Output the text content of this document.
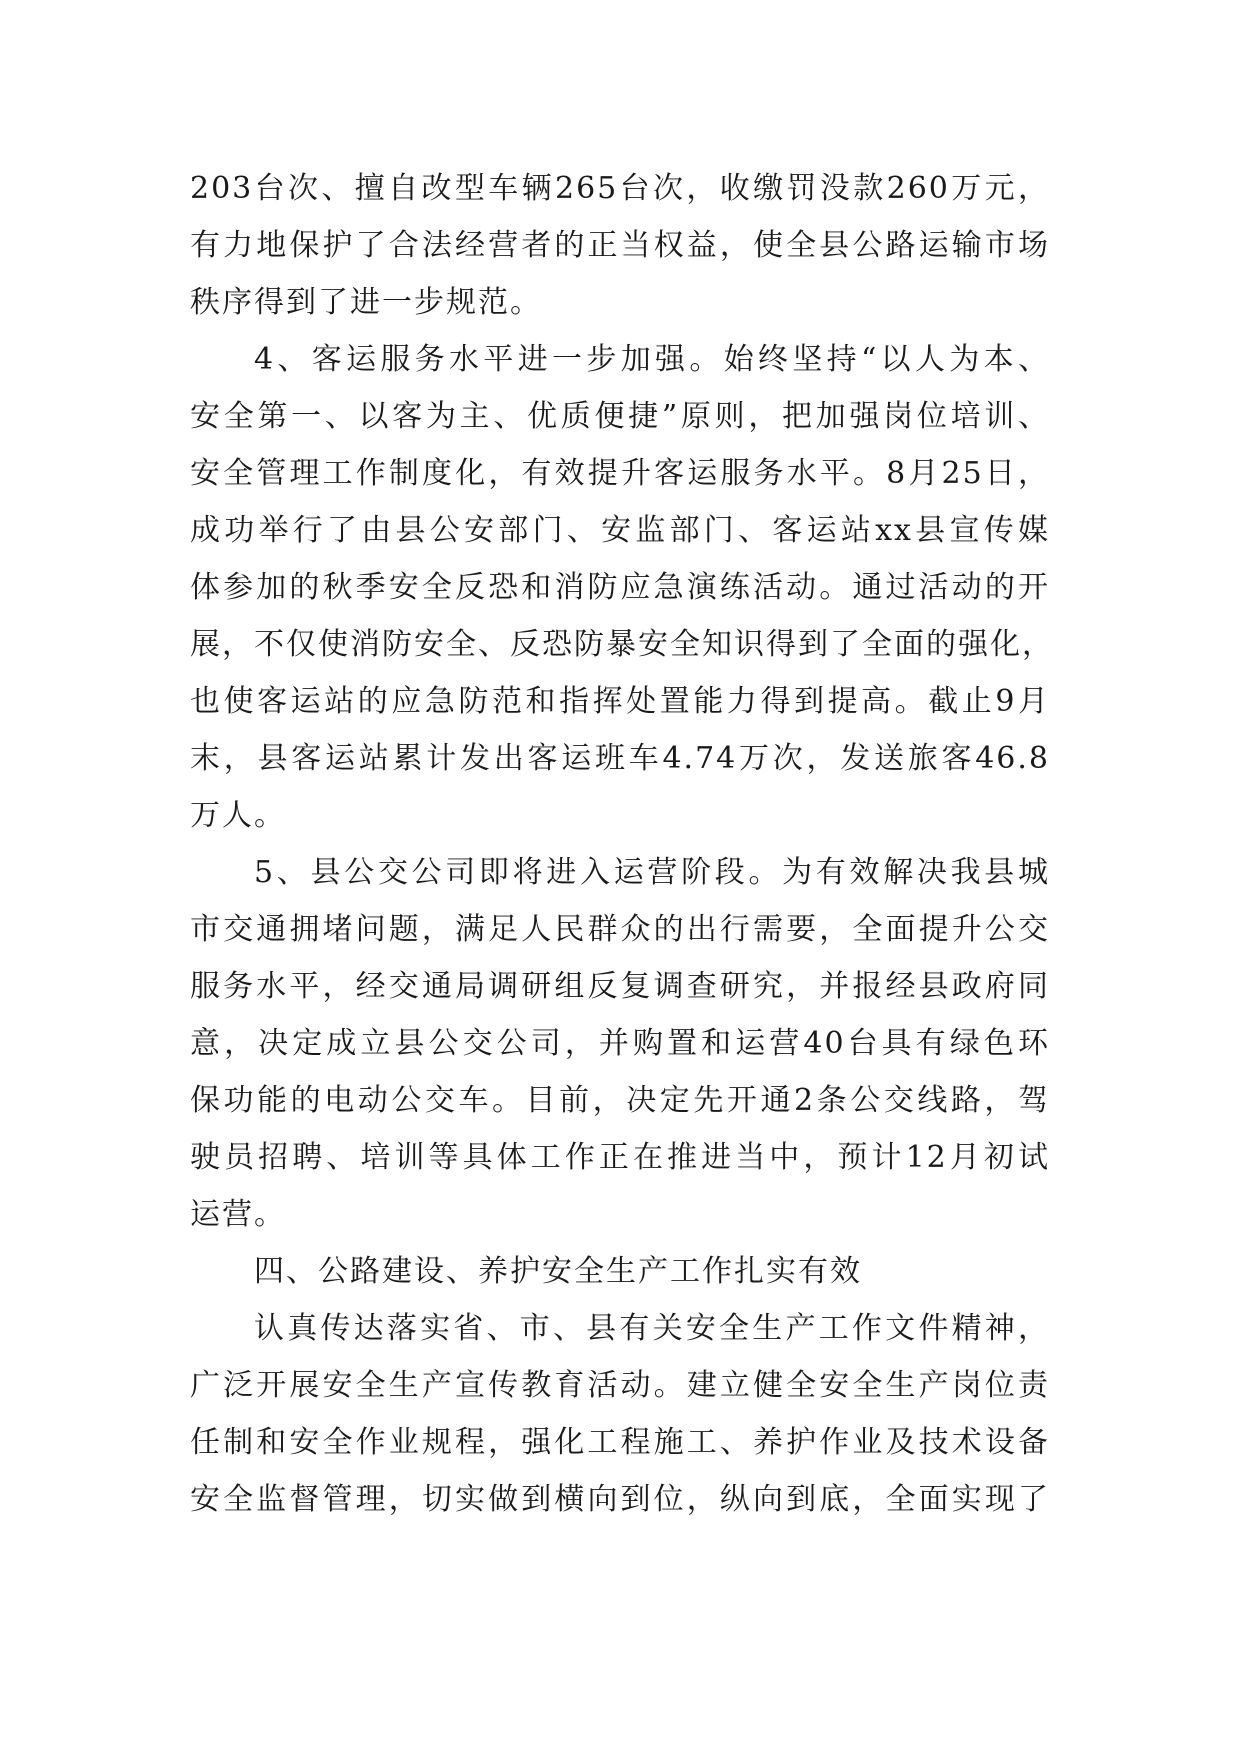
203台次、擅自改型车辆265台次，收缴罚没款260万元，
有力地保护了合法经营者的正当权益，使全县公路运输市场
秩序得到了进一步规范。
4、客运服务水平进一步加强。始终坚持“以人为本、
安全第一、以客为主、优质便捷”原则，把加强岗位培训、
安全管理工作制度化，有效提升客运服务水平。8月25日，
成功举行了由县公安部门、安监部门、客运站xx县宣传媒
体参加的秋季安全反恐和消防应急演练活动。通过活动的开
展，不仅使消防安全、反恐防暴安全知识得到了全面的强化，
也使客运站的应急防范和指挥处置能力得到提高。截止9月
末，县客运站累计发出客运班车4.74万次，发送旅客46.8
万人。
5、县公交公司即将进入运营阶段。为有效解决我县城
市交通拥堵问题，满足人民群众的出行需要，全面提升公交
服务水平，经交通局调研组反复调查研究，并报经县政府同
意，决定成立县公交公司，并购置和运营40台具有绿色环
保功能的电动公交车。目前，决定先开通2条公交线路，驾
驶员招聘、培训等具体工作正在推进当中，预计12月初试
运营。
四、公路建设、养护安全生产工作扎实有效
认真传达落实省、市、县有关安全生产工作文件精神，
广泛开展安全生产宣传教育活动。建立健全安全生产岗位责
任制和安全作业规程，强化工程施工、养护作业及技术设备
安全监督管理，切实做到横向到位，纵向到底，全面实现了
